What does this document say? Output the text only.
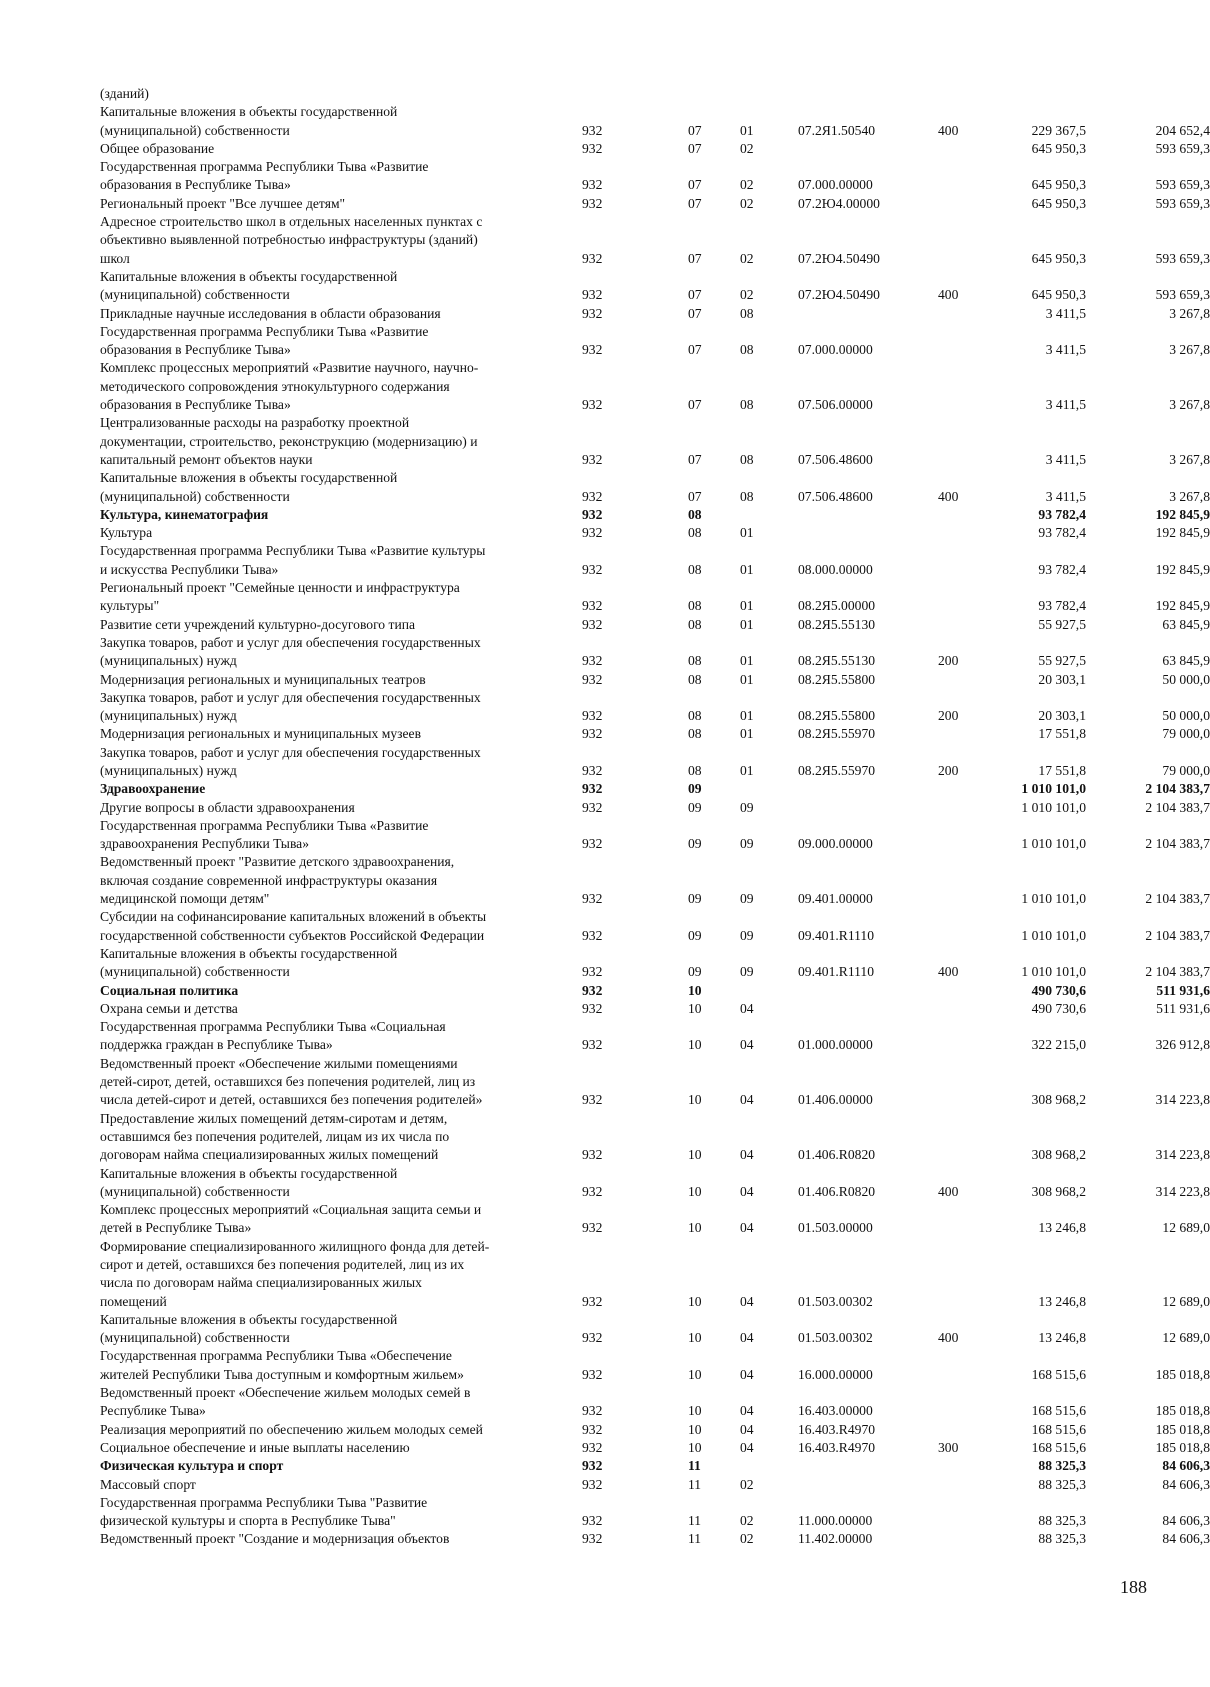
(зданий)							
Капитальные вложения в объекты государственной
(муниципальной) собственности	932	07	01	07.2Я1.50540	400	229 367,5	204 652,4
Общее образование	932	07	02			645 950,3	593 659,3
Государственная программа Республики Тыва «Развитие
образования в Республике Тыва»	932	07	02	07.000.00000		645 950,3	593 659,3
Региональный проект "Все лучшее детям"	932	07	02	07.2Ю4.00000		645 950,3	593 659,3
Адресное строительство школ в отдельных населенных пунктах с
объективно выявленной потребностью инфраструктуры (зданий)
школ	932	07	02	07.2Ю4.50490		645 950,3	593 659,3
Капитальные вложения в объекты государственной
(муниципальной) собственности	932	07	02	07.2Ю4.50490	400	645 950,3	593 659,3
Прикладные научные исследования в области образования	932	07	08			3 411,5	3 267,8
Государственная программа Республики Тыва «Развитие
образования в Республике Тыва»	932	07	08	07.000.00000		3 411,5	3 267,8
Комплекс процессных мероприятий «Развитие научного, научно-
методического сопровождения этнокультурного содержания
образования в Республике Тыва»	932	07	08	07.506.00000		3 411,5	3 267,8
Централизованные расходы на разработку проектной
документации, строительство, реконструкцию (модернизацию) и
капитальный ремонт объектов науки	932	07	08	07.506.48600		3 411,5	3 267,8
Капитальные вложения в объекты государственной
(муниципальной) собственности	932	07	08	07.506.48600	400	3 411,5	3 267,8
Культура, кинематография	932	08				93 782,4	192 845,9
Культура	932	08	01			93 782,4	192 845,9
Государственная программа Республики Тыва «Развитие культуры
и искусства Республики Тыва»	932	08	01	08.000.00000		93 782,4	192 845,9
Региональный проект "Семейные ценности и инфраструктура
культуры"	932	08	01	08.2Я5.00000		93 782,4	192 845,9
Развитие сети учреждений культурно-досугового типа	932	08	01	08.2Я5.55130		55 927,5	63 845,9
Закупка товаров, работ и услуг для обеспечения государственных
(муниципальных) нужд	932	08	01	08.2Я5.55130	200	55 927,5	63 845,9
Модернизация региональных и муниципальных театров	932	08	01	08.2Я5.55800		20 303,1	50 000,0
Закупка товаров, работ и услуг для обеспечения государственных
(муниципальных) нужд	932	08	01	08.2Я5.55800	200	20 303,1	50 000,0
Модернизация региональных и муниципальных музеев	932	08	01	08.2Я5.55970		17 551,8	79 000,0
Закупка товаров, работ и услуг для обеспечения государственных
(муниципальных) нужд	932	08	01	08.2Я5.55970	200	17 551,8	79 000,0
Здравоохранение	932	09				1 010 101,0	2 104 383,7
Другие вопросы в области здравоохранения	932	09	09			1 010 101,0	2 104 383,7
Государственная программа Республики Тыва «Развитие
здравоохранения Республики Тыва»	932	09	09	09.000.00000		1 010 101,0	2 104 383,7
Ведомственный проект "Развитие детского здравоохранения,
включая создание современной инфраструктуры оказания
медицинской помощи детям"	932	09	09	09.401.00000		1 010 101,0	2 104 383,7
Субсидии на софинансирование капитальных вложений в объекты
государственной собственности субъектов Российской Федерации	932	09	09	09.401.R1110		1 010 101,0	2 104 383,7
Капитальные вложения в объекты государственной
(муниципальной) собственности	932	09	09	09.401.R1110	400	1 010 101,0	2 104 383,7
Социальная политика	932	10				490 730,6	511 931,6
Охрана семьи и детства	932	10	04			490 730,6	511 931,6
Государственная программа Республики Тыва «Социальная
поддержка граждан в Республике Тыва»	932	10	04	01.000.00000		322 215,0	326 912,8
Ведомственный проект «Обеспечение жилыми помещениями
детей-сирот, детей, оставшихся без попечения родителей, лиц из
числа детей-сирот и детей, оставшихся без попечения родителей»	932	10	04	01.406.00000		308 968,2	314 223,8
Предоставление жилых помещений детям-сиротам и детям,
оставшимся без попечения родителей, лицам из их числа по
договорам найма специализированных жилых помещений	932	10	04	01.406.R0820		308 968,2	314 223,8
Капитальные вложения в объекты государственной
(муниципальной) собственности	932	10	04	01.406.R0820	400	308 968,2	314 223,8
Комплекс процессных мероприятий «Социальная защита семьи и
детей в Республике Тыва»	932	10	04	01.503.00000		13 246,8	12 689,0
Формирование специализированного жилищного фонда для детей-
сирот и детей, оставшихся без попечения родителей, лиц из их
числа по договорам найма специализированных жилых
помещений	932	10	04	01.503.00302		13 246,8	12 689,0
Капитальные вложения в объекты государственной
(муниципальной) собственности	932	10	04	01.503.00302	400	13 246,8	12 689,0
Государственная программа Республики Тыва «Обеспечение
жителей Республики Тыва доступным и комфортным жильем»	932	10	04	16.000.00000		168 515,6	185 018,8
Ведомственный проект «Обеспечение жильем молодых семей в
Республике Тыва»	932	10	04	16.403.00000		168 515,6	185 018,8
Реализация мероприятий по обеспечению жильем молодых семей	932	10	04	16.403.R4970		168 515,6	185 018,8
Социальное обеспечение и иные выплаты населению	932	10	04	16.403.R4970	300	168 515,6	185 018,8
Физическая культура и спорт	932	11				88 325,3	84 606,3
Массовый спорт	932	11	02			88 325,3	84 606,3
Государственная программа Республики Тыва "Развитие
физической культуры и спорта в Республике Тыва"	932	11	02	11.000.00000		88 325,3	84 606,3
Ведомственный проект "Создание и модернизация объектов	932	11	02	11.402.00000		88 325,3	84 606,3
188
